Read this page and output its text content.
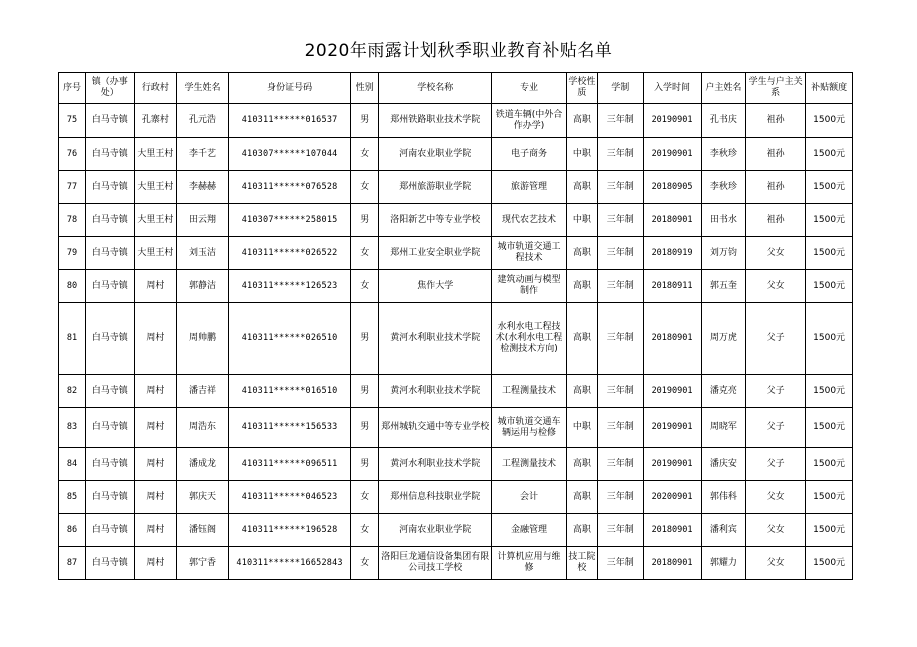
2020年雨露计划秋季职业教育补贴名单
序号	镇（办事处）	行政村	学生姓名	身份证号码	性别	学校名称	专业	学校性质	学制	入学时间	户主姓名	学生与户主关系	补贴额度
75	白马寺镇	孔寨村	孔元浩	410311******016537	男	郑州铁路职业技术学院	铁道车辆(中外合作办学)	高职	三年制	20190901	孔书庆	祖孙	1500元
76	白马寺镇	大里王村	李千艺	410307******107044	女	河南农业职业学院	电子商务	中职	三年制	20190901	李秋珍	祖孙	1500元
77	白马寺镇	大里王村	李赫赫	410311******076528	女	郑州旅游职业学院	旅游管理	高职	三年制	20180905	李秋珍	祖孙	1500元
78	白马寺镇	大里王村	田云翔	410307******258015	男	洛阳新艺中等专业学校	现代农艺技术	中职	三年制	20180901	田书水	祖孙	1500元
79	白马寺镇	大里王村	刘玉洁	410311******026522	女	郑州工业安全职业学院	城市轨道交通工程技术	高职	三年制	20180919	刘万钧	父女	1500元
80	白马寺镇	周村	郭静洁	410311******126523	女	焦作大学	建筑动画与模型制作	高职	三年制	20180911	郭五奎	父女	1500元
81	白马寺镇	周村	周帅鹏	410311******026510	男	黄河水利职业技术学院	水利水电工程技术(水利水电工程检测技术方向)	高职	三年制	20180901	周万虎	父子	1500元
82	白马寺镇	周村	潘吉祥	410311******016510	男	黄河水利职业技术学院	工程测量技术	高职	三年制	20190901	潘克亮	父子	1500元
83	白马寺镇	周村	周浩东	410311******156533	男	郑州城轨交通中等专业学校	城市轨道交通车辆运用与检修	中职	三年制	20190901	周晓军	父子	1500元
84	白马寺镇	周村	潘成龙	410311******096511	男	黄河水利职业技术学院	工程测量技术	高职	三年制	20190901	潘庆安	父子	1500元
85	白马寺镇	周村	郭庆天	410311******046523	女	郑州信息科技职业学院	会计	高职	三年制	20200901	郭伟科	父女	1500元
86	白马寺镇	周村	潘钰阁	410311******196528	女	河南农业职业学院	金融管理	高职	三年制	20180901	潘利宾	父女	1500元
87	白马寺镇	周村	郭宁香	410311******16652843	女	洛阳巨龙通信设备集团有限公司技工学校	计算机应用与维修	技工院校	三年制	20180901	郭耀力	父女	1500元
